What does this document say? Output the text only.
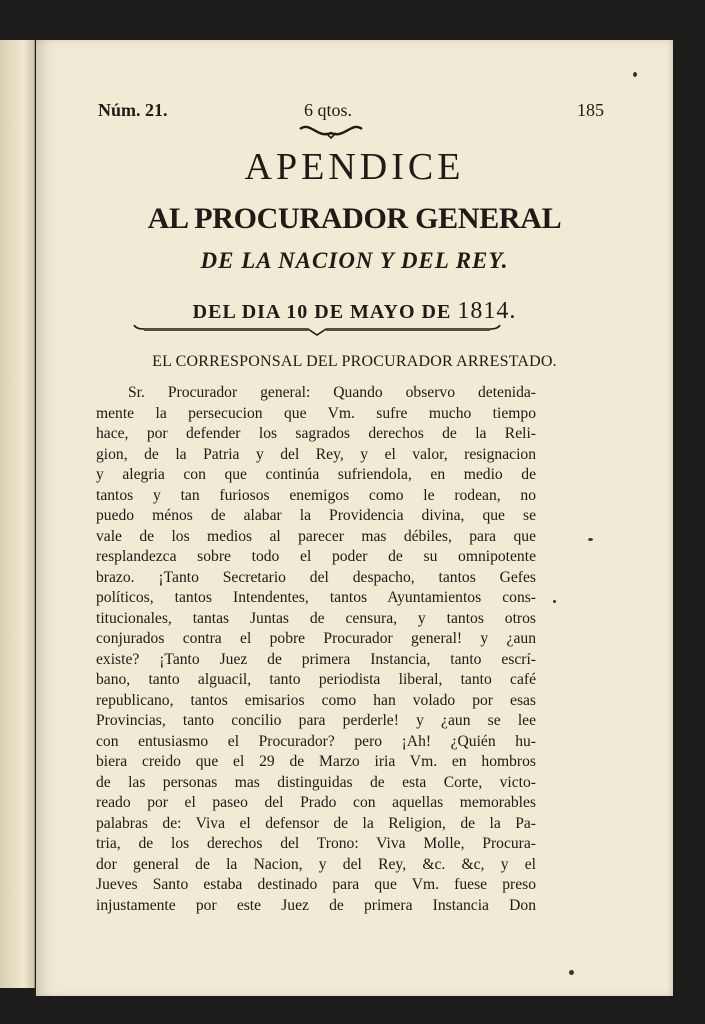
Núm. 21.	6 qtos.	185
APENDICE
AL PROCURADOR GENERAL
DE LA NACION Y DEL REY.
DEL DIA 10 DE MAYO DE 1814.
EL CORRESPONSAL DEL PROCURADOR ARRESTADO.
Sr. Procurador general: Quando observo detenida-
mente la persecucion que Vm. sufre mucho tiempo
hace, por defender los sagrados derechos de la Reli-
gion, de la Patria y del Rey, y el valor, resignacion
y alegria con que continúa sufriendola, en medio de
tantos y tan furiosos enemigos como le rodean, no
puedo ménos de alabar la Providencia divina, que se
vale de los medios al parecer mas débiles, para que
resplandezca sobre todo el poder de su omnipotente
brazo. ¡Tanto Secretario del despacho, tantos Gefes
políticos, tantos Intendentes, tantos Ayuntamientos cons-
titucionales, tantas Juntas de censura, y tantos otros
conjurados contra el pobre Procurador general! y ¿aun
existe? ¡Tanto Juez de primera Instancia, tanto escrí-
bano, tanto alguacil, tanto periodista liberal, tanto café
republicano, tantos emisarios como han volado por esas
Provincias, tanto concilio para perderle! y ¿aun se lee
con entusiasmo el Procurador? pero ¡Ah! ¿Quién hu-
biera creido que el 29 de Marzo iria Vm. en hombros
de las personas mas distinguidas de esta Corte, victo-
reado por el paseo del Prado con aquellas memorables
palabras de: Viva el defensor de la Religion, de la Pa-
tria, de los derechos del Trono: Viva Molle, Procura-
dor general de la Nacion, y del Rey, &c. &c, y el
Jueves Santo estaba destinado para que Vm. fuese preso
injustamente por este Juez de primera Instancia Don
